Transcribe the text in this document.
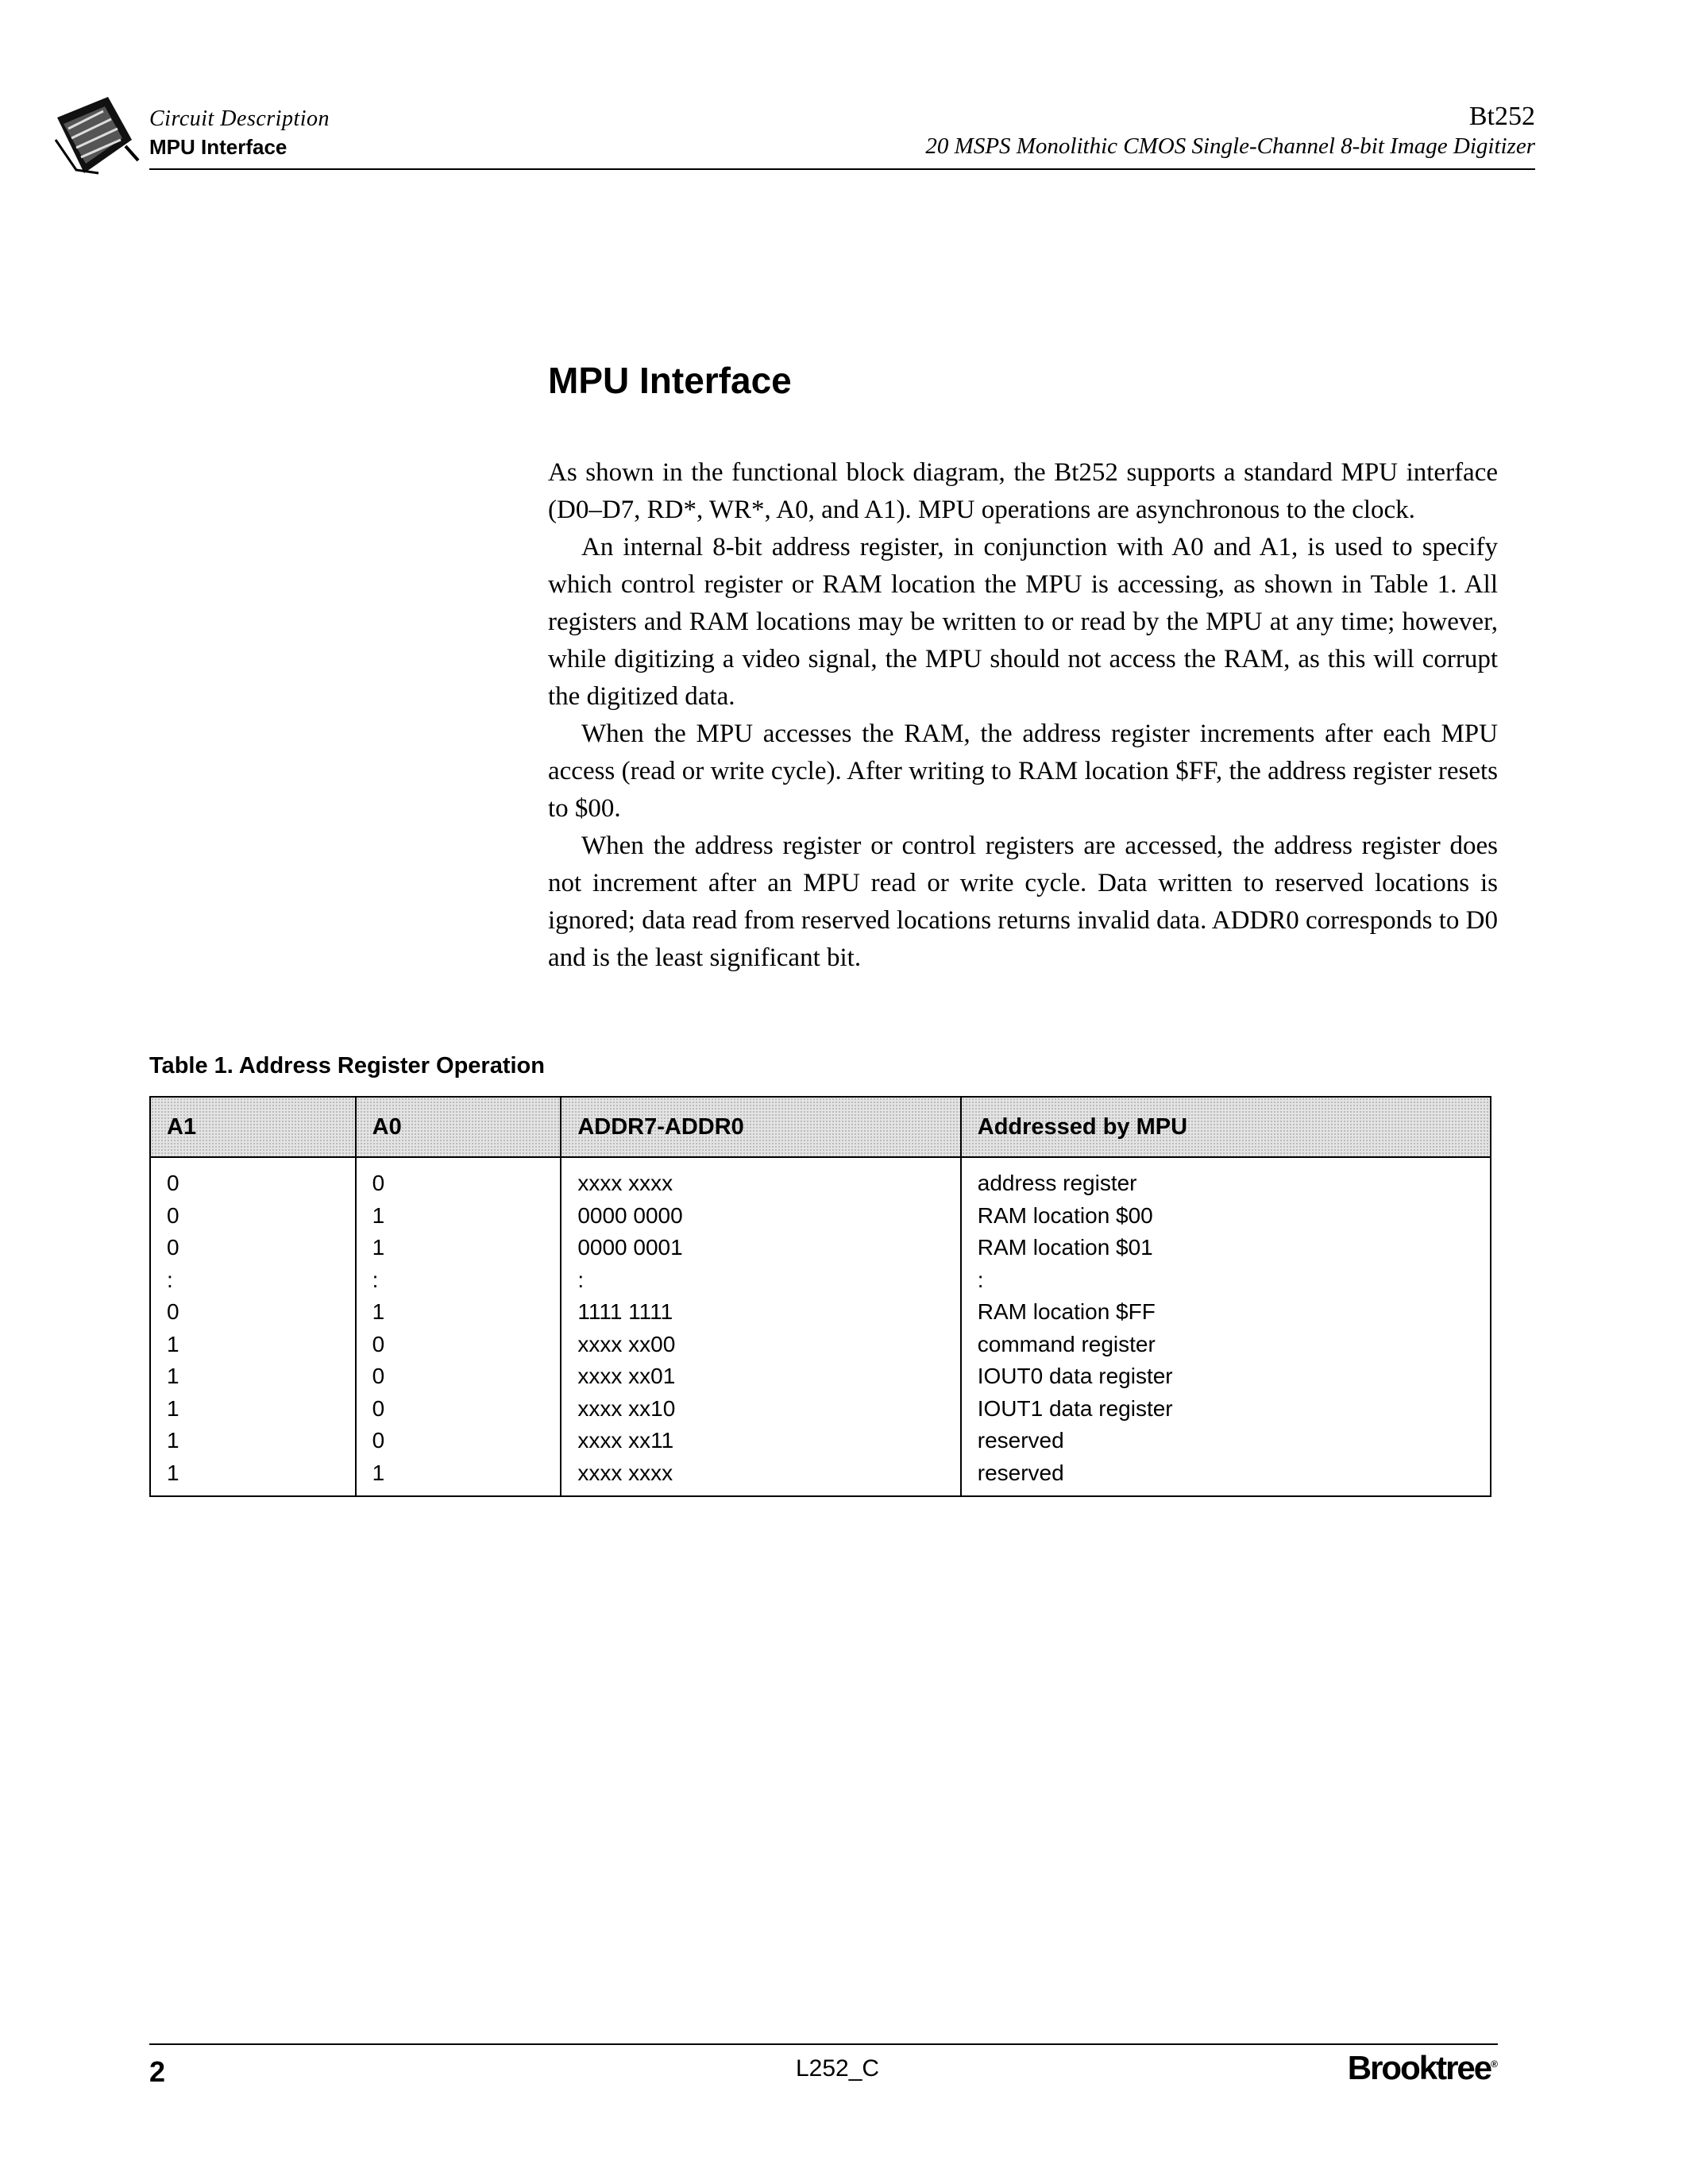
Circuit Description
MPU Interface
Bt252
20 MSPS Monolithic CMOS Single-Channel 8-bit Image Digitizer
MPU Interface

As shown in the functional block diagram, the Bt252 supports a standard MPU interface (D0–D7, RD*, WR*, A0, and A1). MPU operations are asynchronous to the clock.

An internal 8-bit address register, in conjunction with A0 and A1, is used to specify which control register or RAM location the MPU is accessing, as shown in Table 1. All registers and RAM locations may be written to or read by the MPU at any time; however, while digitizing a video signal, the MPU should not access the RAM, as this will corrupt the digitized data.

When the MPU accesses the RAM, the address register increments after each MPU access (read or write cycle). After writing to RAM location $FF, the address register resets to $00.

When the address register or control registers are accessed, the address register does not increment after an MPU read or write cycle. Data written to reserved locations is ignored; data read from reserved locations returns invalid data. ADDR0 corresponds to D0 and is the least significant bit.

Table 1. Address Register Operation
A1	A0	ADDR7-ADDR0	Addressed by MPU
0	0	xxxx xxxx	address register
0	1	0000 0000	RAM location $00
0	1	0000 0001	RAM location $01
:	:	:	:
0	1	1111 1111	RAM location $FF
1	0	xxxx xx00	command register
1	0	xxxx xx01	IOUT0 data register
1	0	xxxx xx10	IOUT1 data register
1	0	xxxx xx11	reserved
1	1	xxxx xxxx	reserved
2	L252_C	Brooktree®
